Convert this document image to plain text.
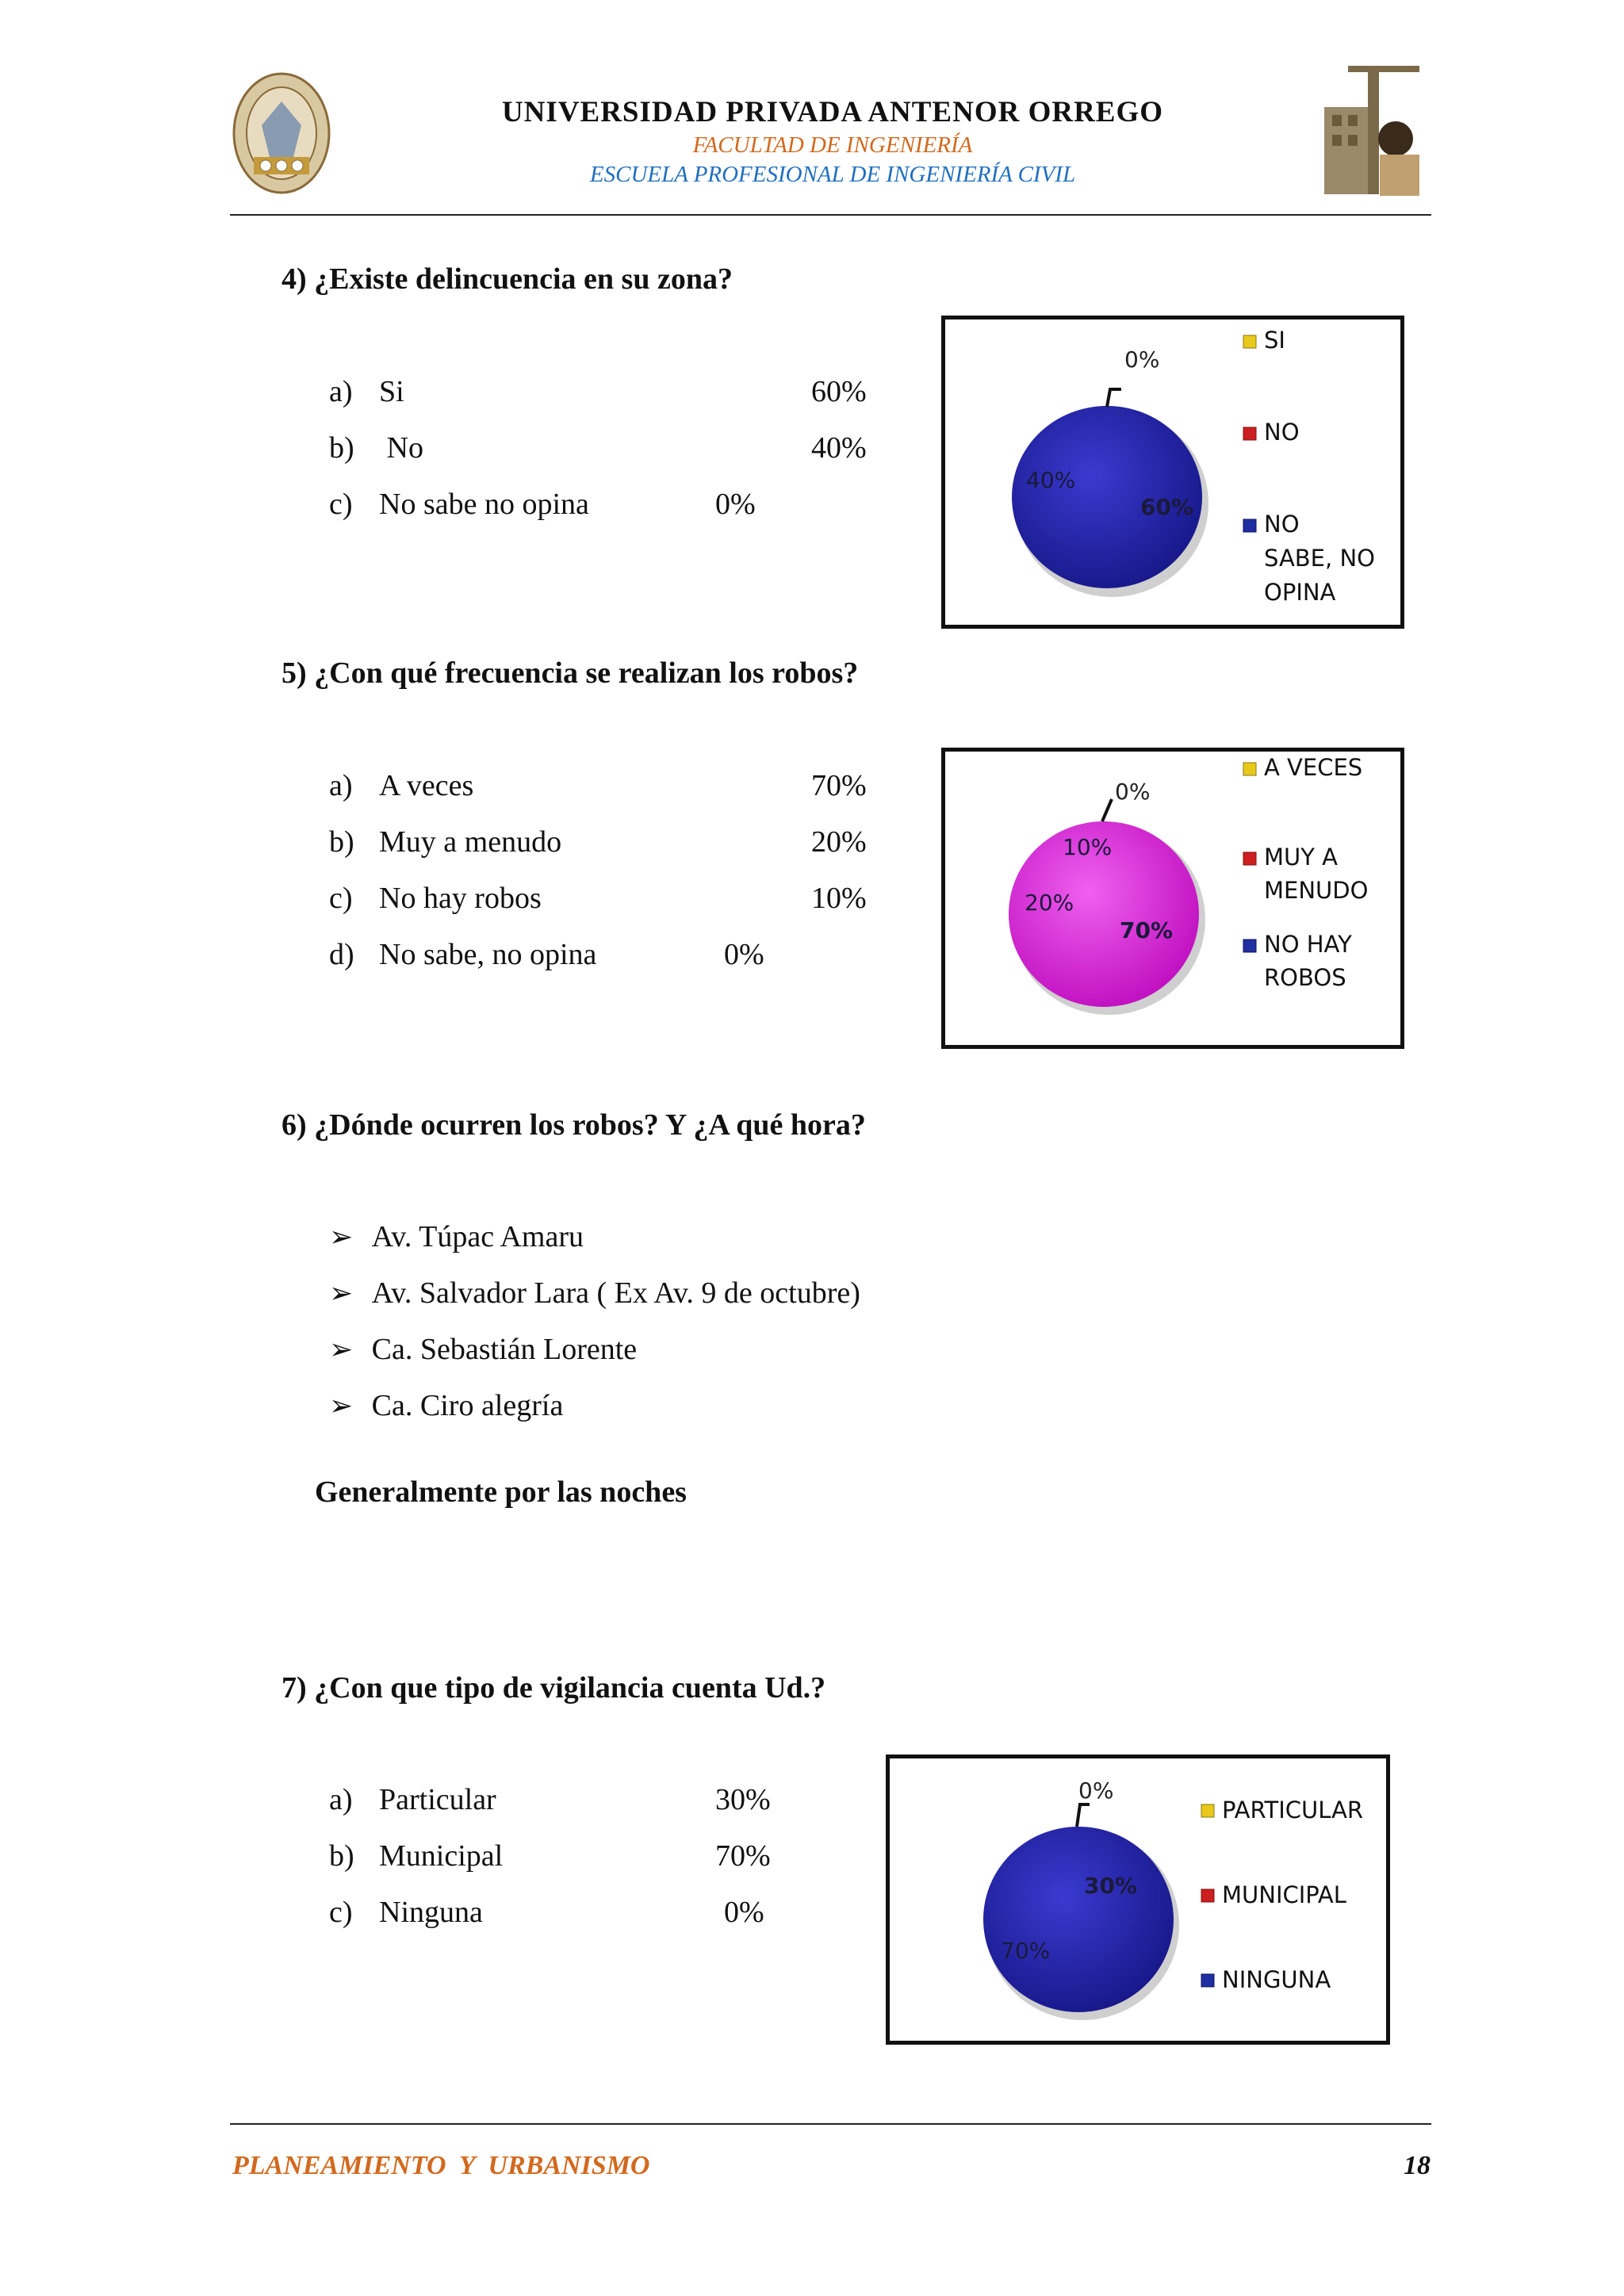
UNIVERSIDAD PRIVADA ANTENOR ORREGO
FACULTAD DE INGENIERÍA
ESCUELA PROFESIONAL DE INGENIERÍA CIVIL
4) ¿Existe delincuencia en su zona?
a) Si	60%
b) No	40%
c) No sabe no opina	0%
0%
40%
60%
SI
NO
NO
SABE, NO
OPINA
5) ¿Con qué frecuencia se realizan los robos?
a) A veces	70%
b) Muy a menudo	20%
c) No hay robos	10%
d) No sabe, no opina	0%
0%
10%
20%
70%
A VECES
MUY A
MENUDO
NO HAY
ROBOS
6) ¿Dónde ocurren los robos? Y ¿A qué hora?
➢ Av. Túpac Amaru
➢ Av. Salvador Lara ( Ex Av. 9 de octubre)
➢ Ca. Sebastián Lorente
➢ Ca. Ciro alegría
Generalmente por las noches
7) ¿Con que tipo de vigilancia cuenta Ud.?
a) Particular	30%
b) Municipal	70%
c) Ninguna	0%
0%
30%
70%
PARTICULAR
MUNICIPAL
NINGUNA
PLANEAMIENTO  Y  URBANISMO	18
